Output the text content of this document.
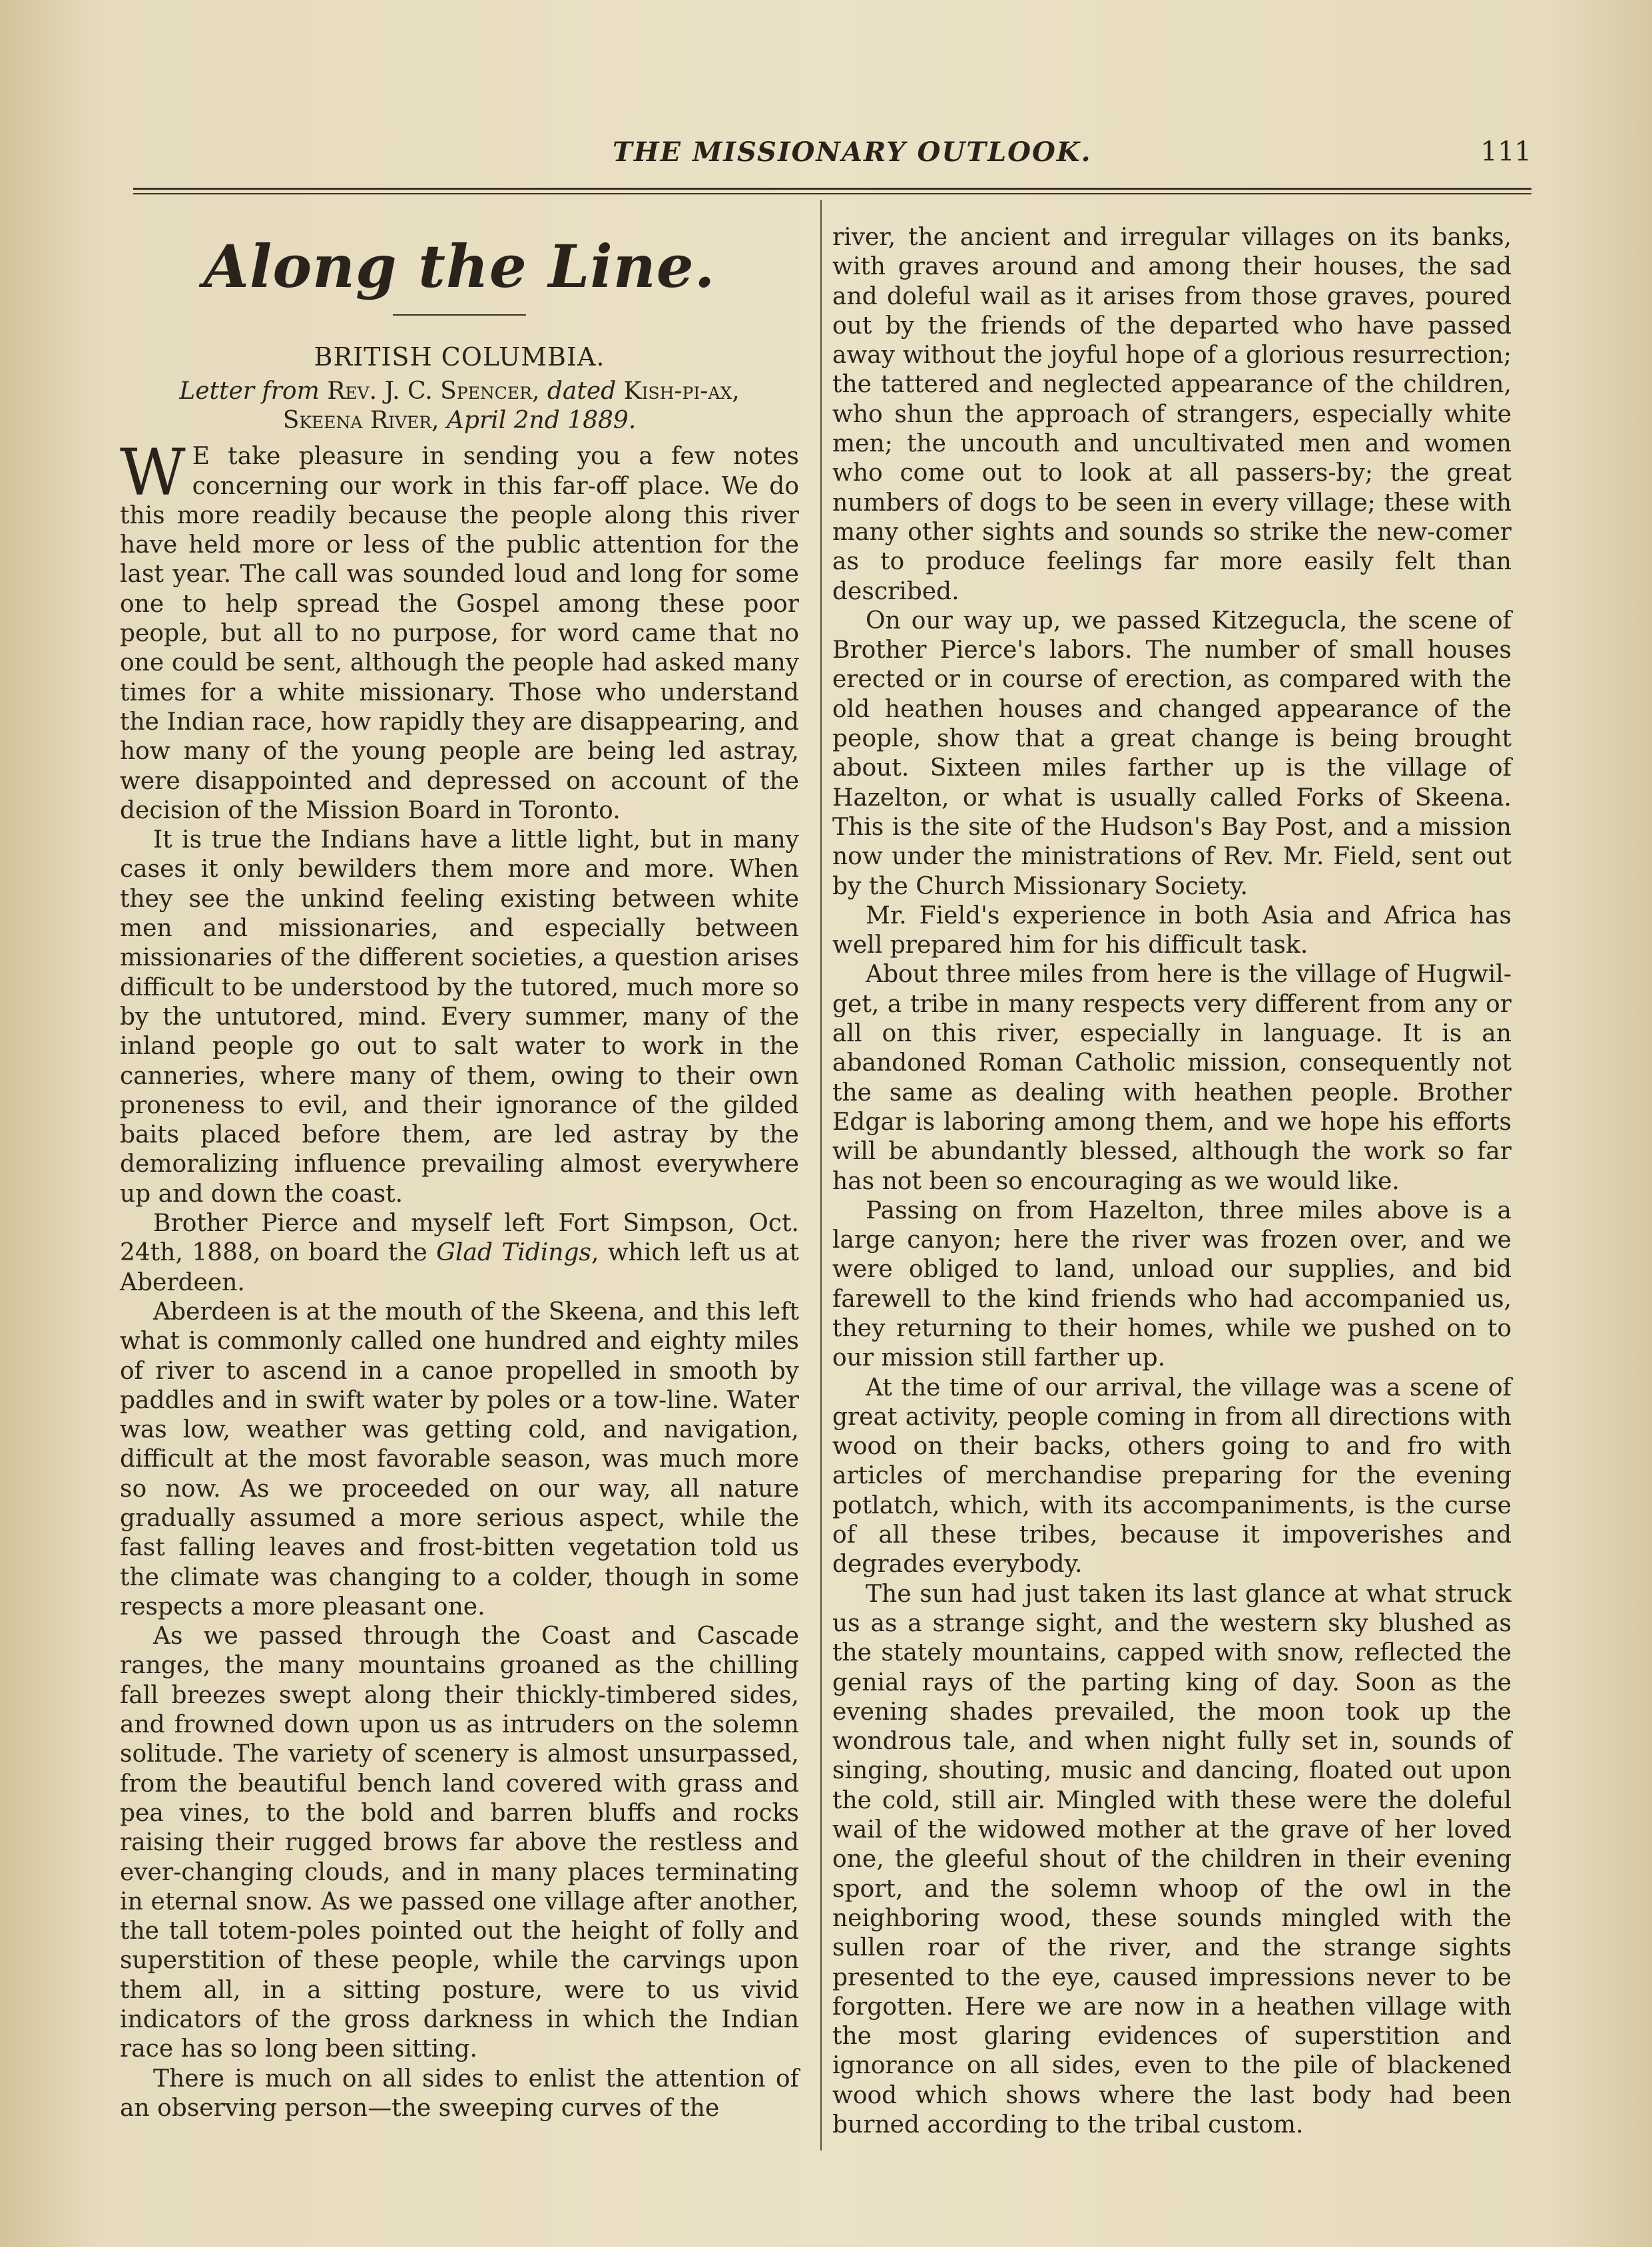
THE MISSIONARY OUTLOOK.	111
Along the Line.
BRITISH COLUMBIA.
Letter from Rev. J. C. Spencer, dated Kish-pi-ax,
Skeena River, April 2nd 1889.

W E take pleasure in sending you a few notes concerning our work in this far-off place. We do this more readily because the people along this river have held more or less of the public attention for the last year. The call was sounded loud and long for some one to help spread the Gospel among these poor people, but all to no purpose, for word came that no one could be sent, although the people had asked many times for a white missionary. Those who understand the Indian race, how rapidly they are disappearing, and how many of the young people are being led astray, were disappointed and depressed on account of the decision of the Mission Board in Toronto.

It is true the Indians have a little light, but in many cases it only bewilders them more and more. When they see the unkind feeling existing between white men and missionaries, and especially between missionaries of the different societies, a question arises difficult to be understood by the tutored, much more so by the untutored, mind. Every summer, many of the inland people go out to salt water to work in the canneries, where many of them, owing to their own proneness to evil, and their ignorance of the gilded baits placed before them, are led astray by the demoralizing influence prevailing almost everywhere up and down the coast.

Brother Pierce and myself left Fort Simpson, Oct. 24th, 1888, on board the Glad Tidings, which left us at Aberdeen.

Aberdeen is at the mouth of the Skeena, and this left what is commonly called one hundred and eighty miles of river to ascend in a canoe propelled in smooth by paddles and in swift water by poles or a tow-line. Water was low, weather was getting cold, and navigation, difficult at the most favorable season, was much more so now. As we proceeded on our way, all nature gradually assumed a more serious aspect, while the fast falling leaves and frost-bitten vegetation told us the climate was changing to a colder, though in some respects a more pleasant one.

As we passed through the Coast and Cascade ranges, the many mountains groaned as the chilling fall breezes swept along their thickly-timbered sides, and frowned down upon us as intruders on the solemn solitude. The variety of scenery is almost unsurpassed, from the beautiful bench land covered with grass and pea vines, to the bold and barren bluffs and rocks raising their rugged brows far above the restless and ever-changing clouds, and in many places terminating in eternal snow. As we passed one village after another, the tall totem-poles pointed out the height of folly and superstition of these people, while the carvings upon them all, in a sitting posture, were to us vivid indicators of the gross darkness in which the Indian race has so long been sitting.

There is much on all sides to enlist the attention of an observing person—the sweeping curves of the

river, the ancient and irregular villages on its banks, with graves around and among their houses, the sad and doleful wail as it arises from those graves, poured out by the friends of the departed who have passed away without the joyful hope of a glorious resurrection; the tattered and neglected appearance of the children, who shun the approach of strangers, especially white men; the uncouth and uncultivated men and women who come out to look at all passers-by; the great numbers of dogs to be seen in every village; these with many other sights and sounds so strike the new-comer as to produce feelings far more easily felt than described.

On our way up, we passed Kitzegucla, the scene of Brother Pierce's labors. The number of small houses erected or in course of erection, as compared with the old heathen houses and changed appearance of the people, show that a great change is being brought about. Sixteen miles farther up is the village of Hazelton, or what is usually called Forks of Skeena. This is the site of the Hudson's Bay Post, and a mission now under the ministrations of Rev. Mr. Field, sent out by the Church Missionary Society.

Mr. Field's experience in both Asia and Africa has well prepared him for his difficult task.

About three miles from here is the village of Hugwil-get, a tribe in many respects very different from any or all on this river, especially in language. It is an abandoned Roman Catholic mission, consequently not the same as dealing with heathen people. Brother Edgar is laboring among them, and we hope his efforts will be abundantly blessed, although the work so far has not been so encouraging as we would like.

Passing on from Hazelton, three miles above is a large canyon; here the river was frozen over, and we were obliged to land, unload our supplies, and bid farewell to the kind friends who had accompanied us, they returning to their homes, while we pushed on to our mission still farther up.

At the time of our arrival, the village was a scene of great activity, people coming in from all directions with wood on their backs, others going to and fro with articles of merchandise preparing for the evening potlatch, which, with its accompaniments, is the curse of all these tribes, because it impoverishes and degrades everybody.

The sun had just taken its last glance at what struck us as a strange sight, and the western sky blushed as the stately mountains, capped with snow, reflected the genial rays of the parting king of day. Soon as the evening shades prevailed, the moon took up the wondrous tale, and when night fully set in, sounds of singing, shouting, music and dancing, floated out upon the cold, still air. Mingled with these were the doleful wail of the widowed mother at the grave of her loved one, the gleeful shout of the children in their evening sport, and the solemn whoop of the owl in the neighboring wood, these sounds mingled with the sullen roar of the river, and the strange sights presented to the eye, caused impressions never to be forgotten. Here we are now in a heathen village with the most glaring evidences of superstition and ignorance on all sides, even to the pile of blackened wood which shows where the last body had been burned according to the tribal custom.
